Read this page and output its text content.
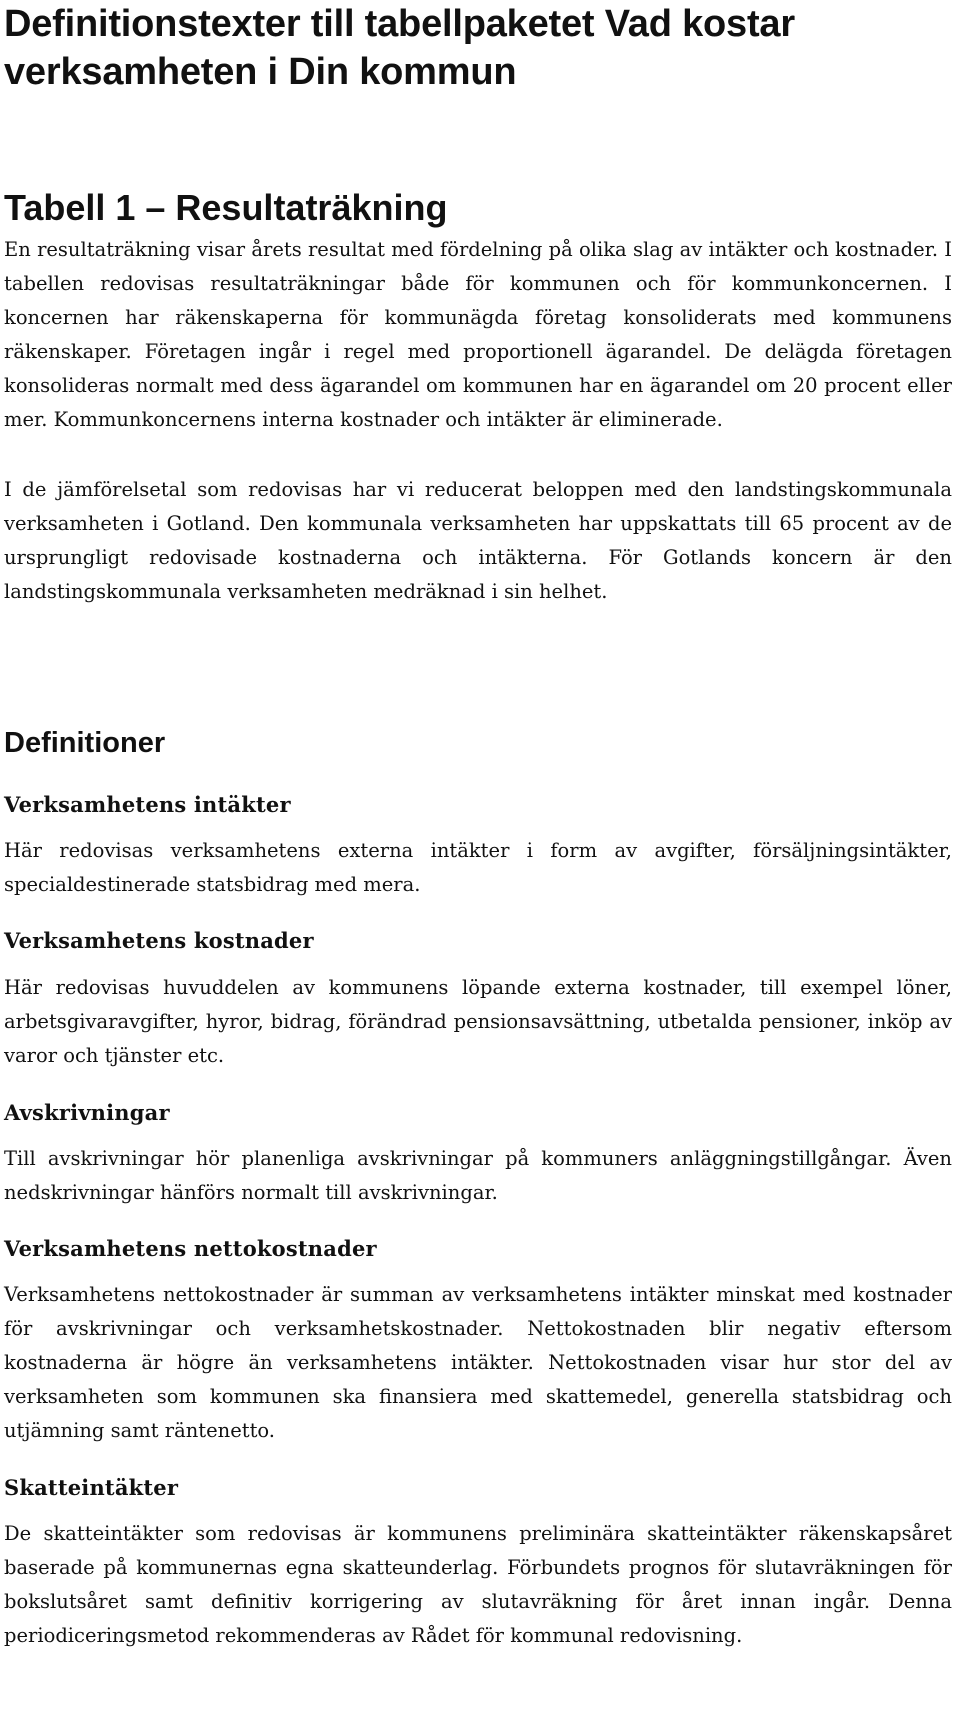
Definitionstexter till tabellpaketet Vad kostar verksamheten i Din kommun
Tabell 1 – Resultaträkning

En resultaträkning visar årets resultat med fördelning på olika slag av intäkter och kostnader. I tabellen redovisas resultaträkningar både för kommunen och för kommunkoncernen. I koncernen har räkenskaperna för kommunägda företag konsoliderats med kommunens räkenskaper. Företagen ingår i regel med proportionell ägarandel. De delägda företagen konsolideras normalt med dess ägarandel om kommunen har en ägarandel om 20 procent eller mer. Kommunkoncernens interna kostnader och intäkter är eliminerade.

I de jämförelsetal som redovisas har vi reducerat beloppen med den landstingskommunala verksamheten i Gotland. Den kommunala verksamheten har uppskattats till 65 procent av de ursprungligt redovisade kostnaderna och intäkterna. För Gotlands koncern är den landstingskommunala verksamheten medräknad i sin helhet.

Definitioner
Verksamhetens intäkter

Här redovisas verksamhetens externa intäkter i form av avgifter, försäljningsintäkter, specialdestinerade statsbidrag med mera.

Verksamhetens kostnader

Här redovisas huvuddelen av kommunens löpande externa kostnader, till exempel löner, arbetsgivaravgifter, hyror, bidrag, förändrad pensionsavsättning, utbetalda pensioner, inköp av varor och tjänster etc.

Avskrivningar

Till avskrivningar hör planenliga avskrivningar på kommuners anläggningstillgångar. Även nedskrivningar hänförs normalt till avskrivningar.

Verksamhetens nettokostnader

Verksamhetens nettokostnader är summan av verksamhetens intäkter minskat med kostnader för avskrivningar och verksamhetskostnader. Nettokostnaden blir negativ eftersom kostnaderna är högre än verksamhetens intäkter. Nettokostnaden visar hur stor del av verksamheten som kommunen ska finansiera med skattemedel, generella statsbidrag och utjämning samt räntenetto.

Skatteintäkter

De skatteintäkter som redovisas är kommunens preliminära skatteintäkter räkenskapsåret baserade på kommunernas egna skatteunderlag. Förbundets prognos för slutavräkningen för bokslutsåret samt definitiv korrigering av slutavräkning för året innan ingår. Denna periodiceringsmetod rekommenderas av Rådet för kommunal redovisning.
